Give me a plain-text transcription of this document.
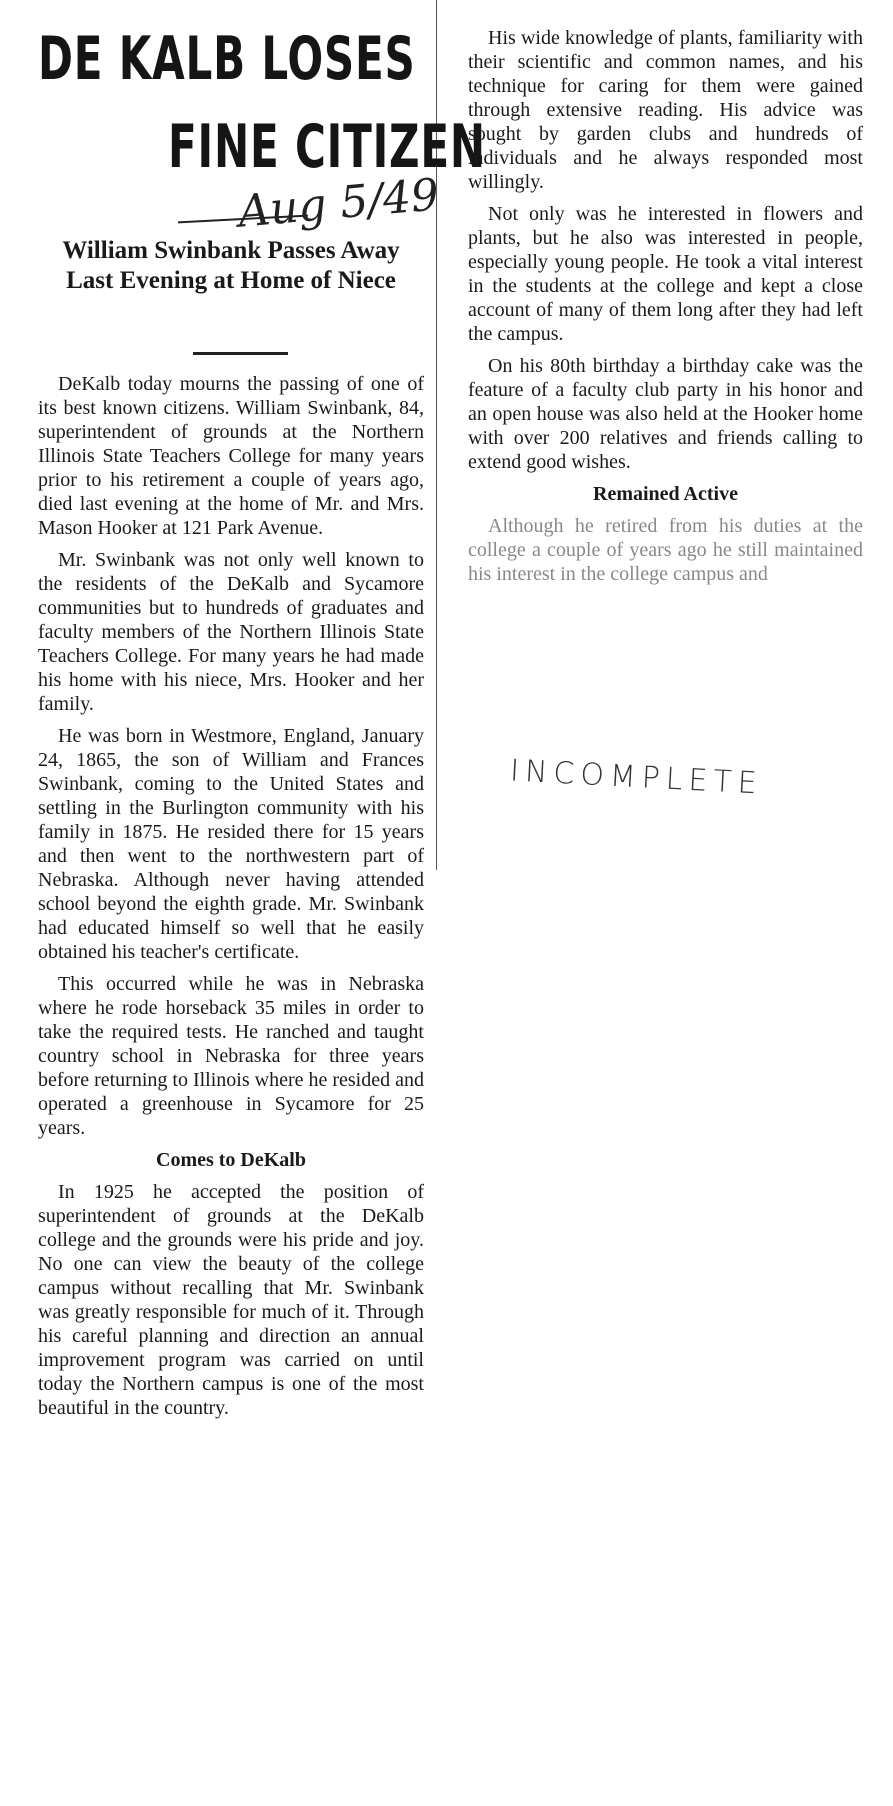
DE KALB LOSES
FINE CITIZEN
Aug 5/49
William Swinbank Passes Away Last Evening at Home of Niece

DeKalb today mourns the passing of one of its best known citizens. William Swinbank, 84, superintendent of grounds at the Northern Illinois State Teachers College for many years prior to his retirement a couple of years ago, died last evening at the home of Mr. and Mrs. Mason Hooker at 121 Park Avenue.

Mr. Swinbank was not only well known to the residents of the DeKalb and Sycamore communities but to hundreds of graduates and faculty members of the Northern Illinois State Teachers College. For many years he had made his home with his niece, Mrs. Hooker and her family.

He was born in Westmore, England, January 24, 1865, the son of William and Frances Swinbank, coming to the United States and settling in the Burlington community with his family in 1875. He resided there for 15 years and then went to the northwestern part of Nebraska. Although never having attended school beyond the eighth grade. Mr. Swinbank had educated himself so well that he easily obtained his teacher's certificate.

This occurred while he was in Nebraska where he rode horseback 35 miles in order to take the required tests. He ranched and taught country school in Nebraska for three years before returning to Illinois where he resided and operated a greenhouse in Sycamore for 25 years.

Comes to DeKalb

In 1925 he accepted the position of superintendent of grounds at the DeKalb college and the grounds were his pride and joy. No one can view the beauty of the college campus without recalling that Mr. Swinbank was greatly responsible for much of it. Through his careful planning and direction an annual improvement program was carried on until today the Northern campus is one of the most beautiful in the country.

His wide knowledge of plants, familiarity with their scientific and common names, and his technique for caring for them were gained through extensive reading. His advice was sought by garden clubs and hundreds of individuals and he always responded most willingly.

Not only was he interested in flowers and plants, but he also was interested in people, especially young people. He took a vital interest in the students at the college and kept a close account of many of them long after they had left the campus.

On his 80th birthday a birthday cake was the feature of a faculty club party in his honor and an open house was also held at the Hooker home with over 200 relatives and friends calling to extend good wishes.

Remained Active

Although he retired from his duties at the college a couple of years ago he still maintained his interest in the college campus and

INCOMPLETE
